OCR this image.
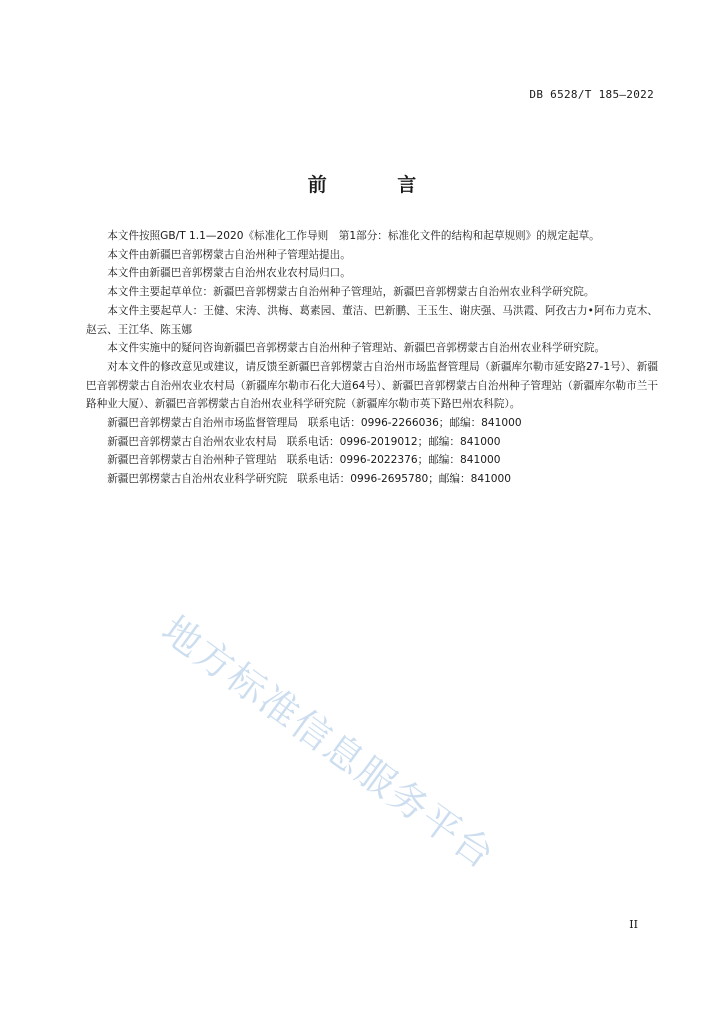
DB 6528/T 185—2022
前 言

本文件按照GB/T 1.1—2020《标准化工作导则　第1部分：标准化文件的结构和起草规则》的规定起草。

本文件由新疆巴音郭楞蒙古自治州种子管理站提出。

本文件由新疆巴音郭楞蒙古自治州农业农村局归口。

本文件主要起草单位：新疆巴音郭楞蒙古自治州种子管理站，新疆巴音郭楞蒙古自治州农业科学研究院。

本文件主要起草人：王健、宋涛、洪梅、葛素园、董洁、巴新鹏、王玉生、谢庆强、马洪霞、阿孜古力•阿布力克木、赵云、王江华、陈玉娜

本文件实施中的疑问咨询新疆巴音郭楞蒙古自治州种子管理站、新疆巴音郭楞蒙古自治州农业科学研究院。

对本文件的修改意见或建议，请反馈至新疆巴音郭楞蒙古自治州市场监督管理局（新疆库尔勒市延安路27-1号）、新疆巴音郭楞蒙古自治州农业农村局（新疆库尔勒市石化大道64号）、新疆巴音郭楞蒙古自治州种子管理站（新疆库尔勒市兰干路种业大厦）、新疆巴音郭楞蒙古自治州农业科学研究院（新疆库尔勒市英下路巴州农科院）。

新疆巴音郭楞蒙古自治州市场监督管理局 联系电话：0996-2266036；邮编：841000
新疆巴音郭楞蒙古自治州农业农村局 联系电话：0996-2019012；邮编：841000
新疆巴音郭楞蒙古自治州种子管理站 联系电话：0996-2022376；邮编：841000
新疆巴郭楞蒙古自治州农业科学研究院 联系电话：0996-2695780；邮编：841000
地方标准信息服务平台
II
